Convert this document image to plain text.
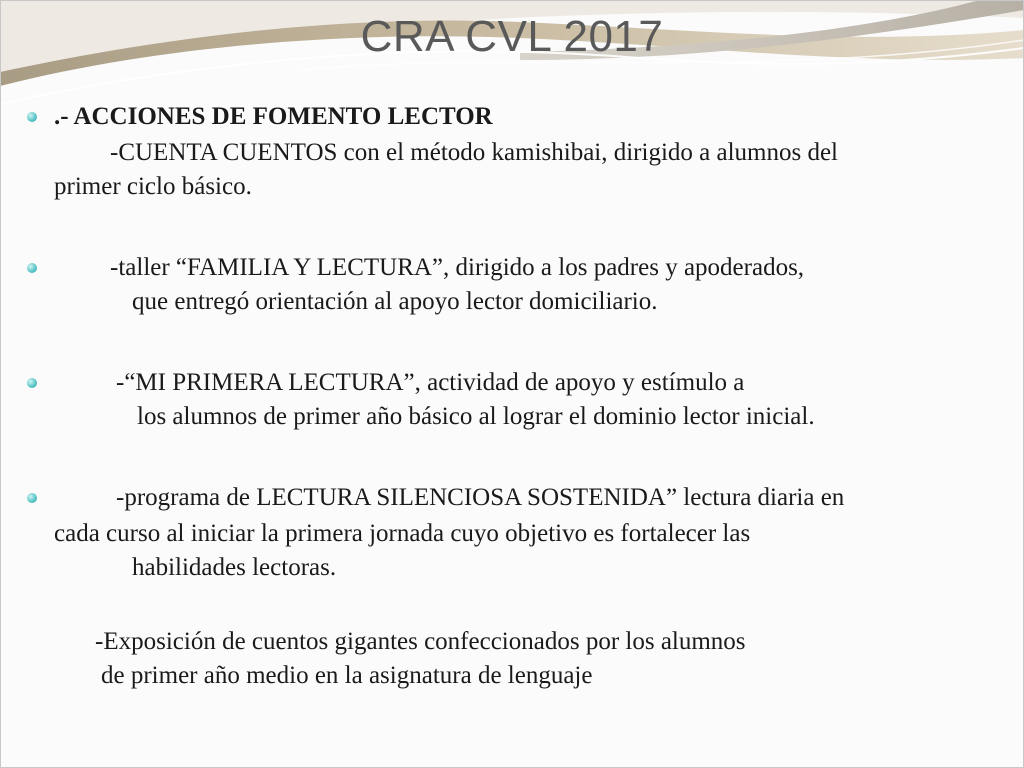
CRA CVL 2017

.- ACCIONES DE FOMENTO LECTOR

-CUENTA CUENTOS con el método kamishibai, dirigido a alumnos del

primer ciclo básico.

-taller “FAMILIA Y LECTURA”, dirigido a los padres y apoderados,

que entregó orientación al apoyo lector domiciliario.

-“MI PRIMERA LECTURA”, actividad de apoyo y estímulo a

los alumnos de primer año básico al lograr el dominio lector inicial.

-programa de LECTURA SILENCIOSA SOSTENIDA” lectura diaria en

cada curso al iniciar la primera jornada cuyo objetivo es fortalecer las

habilidades lectoras.

-Exposición de cuentos gigantes confeccionados por los alumnos

de primer año medio en la asignatura de lenguaje
